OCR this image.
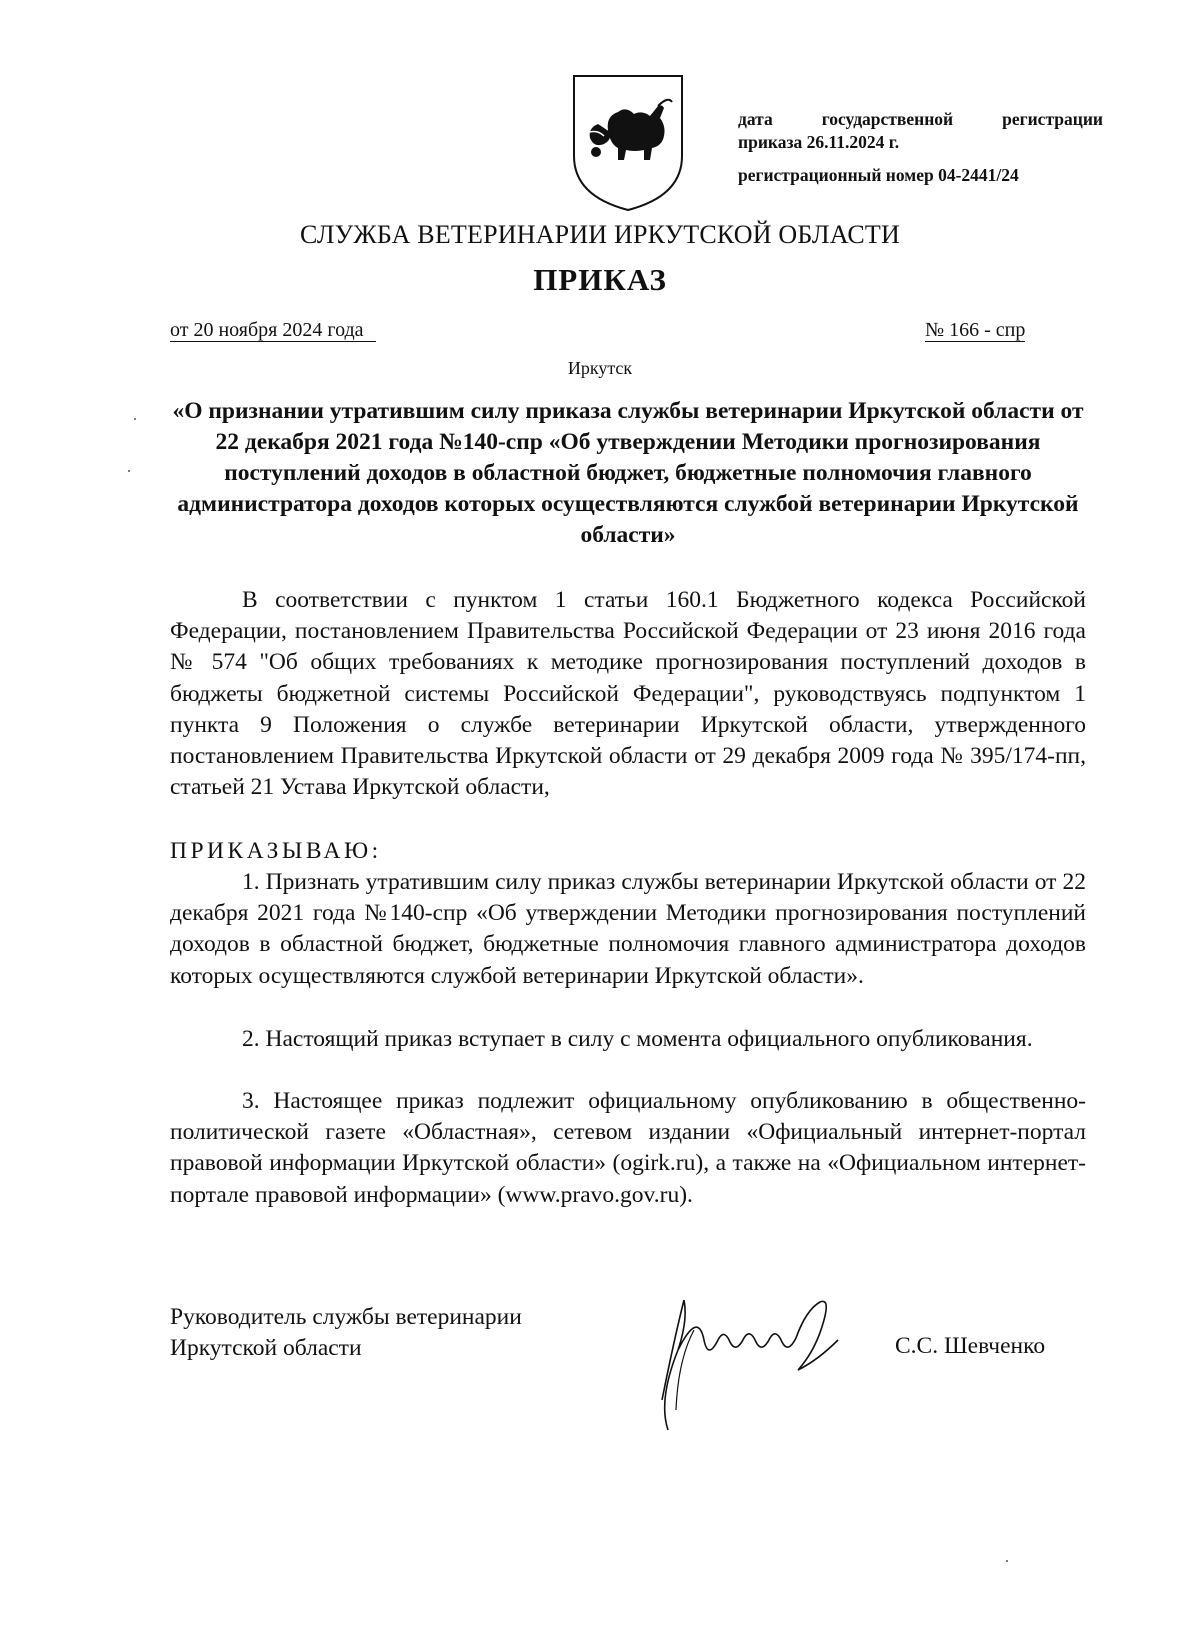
дата государственной регистрации
приказа 26.11.2024 г.
регистрационный номер 04-2441/24
СЛУЖБА ВЕТЕРИНАРИИ ИРКУТСКОЙ ОБЛАСТИ
ПРИКАЗ
от 20 ноября 2024 года	№ 166 - спр
Иркутск
«О признании утратившим силу приказа службы ветеринарии Иркутской области от 22 декабря 2021 года №140-спр «Об утверждении Методики прогнозирования поступлений доходов в областной бюджет, бюджетные полномочия главного администратора доходов которых осуществляются службой ветеринарии Иркутской области»

В соответствии с пунктом 1 статьи 160.1 Бюджетного кодекса Российской Федерации, постановлением Правительства Российской Федерации от 23 июня 2016 года № 574 "Об общих требованиях к методике прогнозирования поступлений доходов в бюджеты бюджетной системы Российской Федерации", руководствуясь подпунктом 1 пункта 9 Положения о службе ветеринарии Иркутской области, утвержденного постановлением Правительства Иркутской области от 29 декабря 2009 года № 395/174-пп, статьей 21 Устава Иркутской области,

ПРИКАЗЫВАЮ:

1. Признать утратившим силу приказ службы ветеринарии Иркутской области от 22 декабря 2021 года №140-спр «Об утверждении Методики прогнозирования поступлений доходов в областной бюджет, бюджетные полномочия главного администратора доходов которых осуществляются службой ветеринарии Иркутской области».

2. Настоящий приказ вступает в силу с момента официального опубликования.

3. Настоящее приказ подлежит официальному опубликованию в общественно-политической газете «Областная», сетевом издании «Официальный интернет-портал правовой информации Иркутской области» (ogirk.ru), а также на «Официальном интернет-портале правовой информации» (www.pravo.gov.ru).

Руководитель службы ветеринарии Иркутской области	С.С. Шевченко
